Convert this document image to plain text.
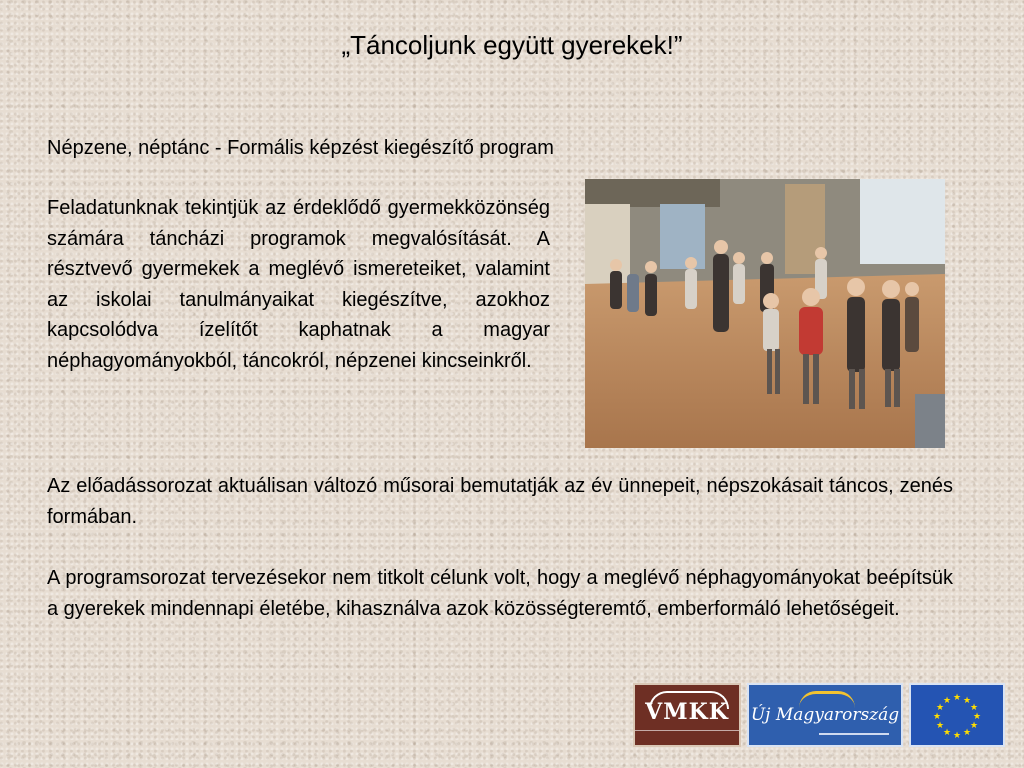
„Táncoljunk együtt gyerekek!”
Népzene, néptánc - Formális képzést kiegészítő program
Feladatunknak tekintjük az érdeklődő gyermekközönség számára táncházi programok megvalósítását. A résztvevő gyermekek a meglévő ismereteiket, valamint az iskolai tanulmányaikat kiegészítve, azokhoz kapcsolódva ízelítőt kaphatnak a magyar néphagyományokból, táncokról, népzenei kincseinkről.
Az előadássorozat aktuálisan változó műsorai bemutatják az év ünnepeit, népszokásait táncos, zenés formában.
A programsorozat tervezésekor nem titkolt célunk volt, hogy a meglévő néphagyományokat beépítsük a gyerekek mindennapi életébe, kihasználva azok közösségteremtő, emberformáló lehetőségeit.
VMKK	Új Magyarország
★ ★
★
★
★
★
★
★
★
★
★
★
